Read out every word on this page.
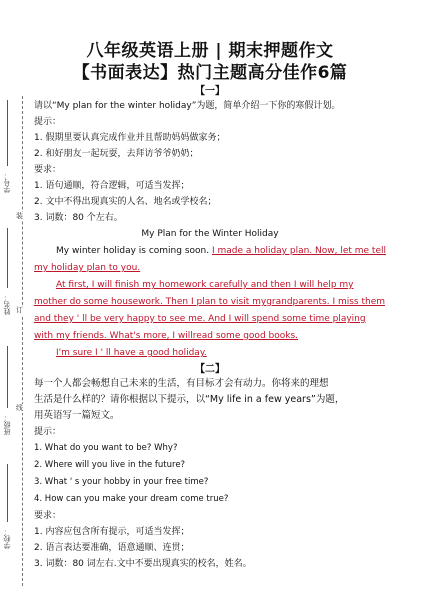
学号：
姓名：
班级：
学校：
装
订
线
八年级英语上册 | 期末押题作文
【书面表达】热门主题高分佳作6篇
【一】
请以“My plan for the winter holiday”为题，简单介绍一下你的寒假计划。
提示：
1. 假期里要认真完成作业并且帮助妈妈做家务；
2. 和好朋友一起玩耍，去拜访爷爷奶奶；
要求：
1. 语句通顺，符合逻辑，可适当发挥；
2. 文中不得出现真实的人名、地名或学校名；
3. 词数：80 个左右。
My Plan for the Winter Holiday
My winter holiday is coming soon. I made a holiday plan. Now, let me tell my holiday plan to you.
At first, I will finish my homework carefully and then I will help my mother do some housework. Then I plan to visit mygrandparents. I miss them and they ' ll be very happy to see me. And I will spend some time playing with my friends. What's more, I willread some good books.
I'm sure I ' ll have a good holiday.
【二】
每一个人都会畅想自己未来的生活，有目标才会有动力。你将来的理想
生活是什么样的？请你根据以下提示，以“My life in a few years”为题，
用英语写一篇短文。
提示：
1. What do you want to be? Why?
2. Where will you live in the future?
3. What ' s your hobby in your free time?
4. How can you make your dream come true?
要求：
1. 内容应包含所有提示，可适当发挥；
2. 语言表达要准确，语意通顺、连贯；
3. 词数：80 词左右.文中不要出现真实的校名，姓名。
